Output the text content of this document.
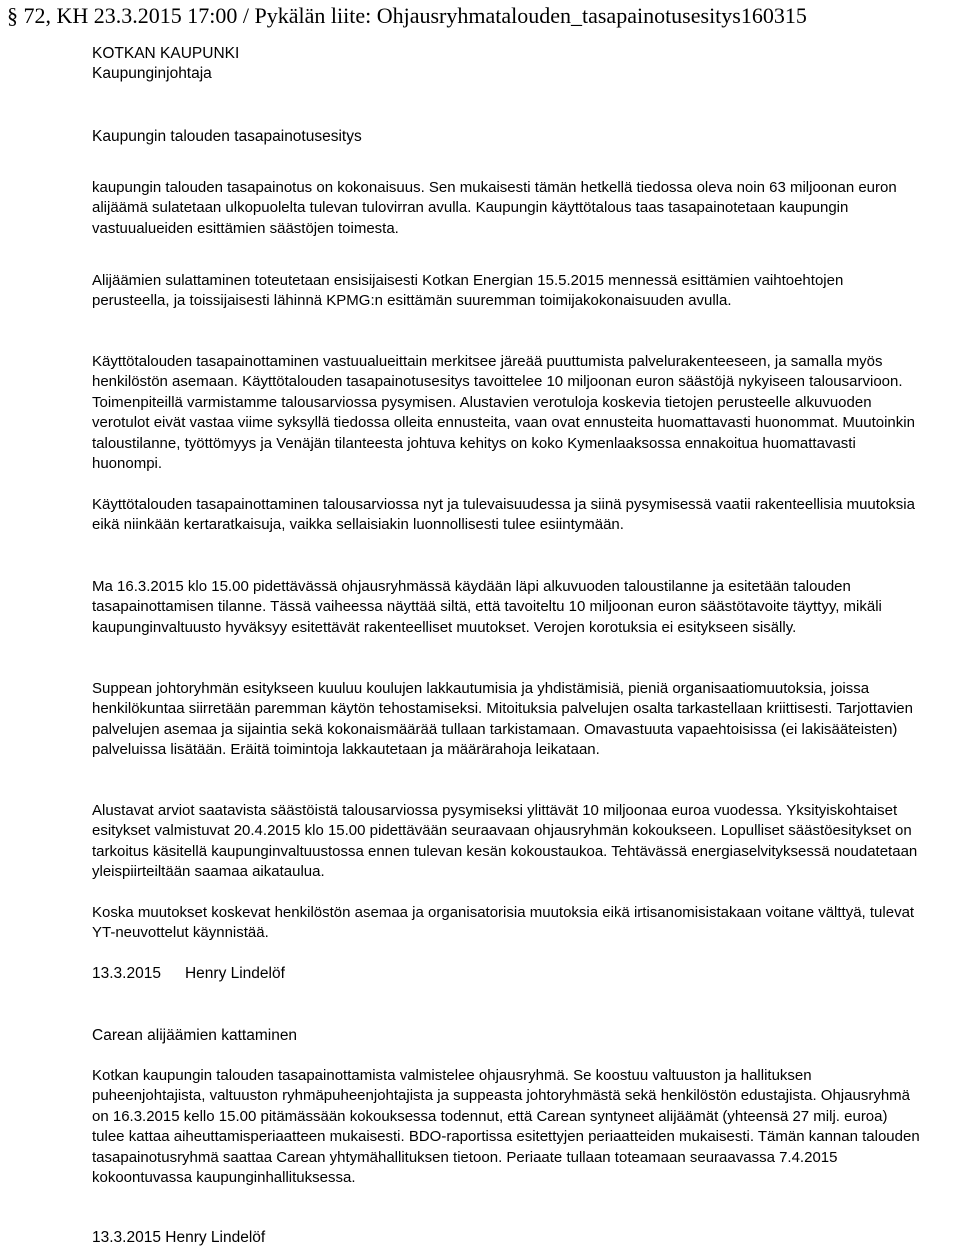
§ 72, KH 23.3.2015 17:00 / Pykälän liite: Ohjausryhmatalouden_tasapainotusesitys160315
KOTKAN KAUPUNKI
Kaupunginjohtaja
Kaupungin talouden tasapainotusesitys

kaupungin talouden tasapainotus on kokonaisuus. Sen mukaisesti tämän hetkellä tiedossa oleva noin 63 miljoonan euron alijäämä sulatetaan ulkopuolelta tulevan tulovirran avulla. Kaupungin käyttötalous taas tasapainotetaan kaupungin vastuualueiden esittämien säästöjen toimesta.

Alijäämien sulattaminen toteutetaan ensisijaisesti Kotkan Energian 15.5.2015 mennessä esittämien vaihtoehtojen perusteella, ja toissijaisesti lähinnä KPMG:n esittämän suuremman toimijakokonaisuuden avulla.

Käyttötalouden tasapainottaminen vastuualueittain merkitsee järeää puuttumista palvelurakenteeseen, ja samalla myös henkilöstön asemaan. Käyttötalouden tasapainotusesitys tavoittelee 10 miljoonan euron säästöjä nykyiseen talousarvioon. Toimenpiteillä varmistamme talousarviossa pysymisen. Alustavien verotuloja koskevia tietojen perusteelle alkuvuoden verotulot eivät vastaa viime syksyllä tiedossa olleita ennusteita, vaan ovat ennusteita huomattavasti huonommat. Muutoinkin taloustilanne, työttömyys ja Venäjän tilanteesta johtuva kehitys on koko Kymenlaaksossa ennakoitua huomattavasti huonompi.

Käyttötalouden tasapainottaminen talousarviossa nyt ja tulevaisuudessa ja siinä pysymisessä vaatii rakenteellisia muutoksia eikä niinkään kertaratkaisuja, vaikka sellaisiakin luonnollisesti tulee esiintymään.

Ma 16.3.2015 klo 15.00 pidettävässä ohjausryhmässä käydään läpi alkuvuoden taloustilanne ja esitetään talouden tasapainottamisen tilanne. Tässä vaiheessa näyttää siltä, että tavoiteltu 10 miljoonan euron säästötavoite täyttyy, mikäli kaupunginvaltuusto hyväksyy esitettävät rakenteelliset muutokset. Verojen korotuksia ei esitykseen sisälly.

Suppean johtoryhmän esitykseen kuuluu koulujen lakkautumisia ja yhdistämisiä, pieniä organisaatiomuutoksia, joissa henkilökuntaa siirretään paremman käytön tehostamiseksi. Mitoituksia palvelujen osalta tarkastellaan kriittisesti. Tarjottavien palvelujen asemaa ja sijaintia sekä kokonaismäärää tullaan tarkistamaan. Omavastuuta vapaehtoisissa (ei lakisääteisten) palveluissa lisätään. Eräitä toimintoja lakkautetaan ja määrärahoja leikataan.

Alustavat arviot saatavista säästöistä talousarviossa pysymiseksi ylittävät 10 miljoonaa euroa vuodessa. Yksityiskohtaiset esitykset valmistuvat 20.4.2015 klo 15.00 pidettävään seuraavaan ohjausryhmän kokoukseen. Lopulliset säästöesitykset on tarkoitus käsitellä kaupunginvaltuustossa ennen tulevan kesän kokoustaukoa. Tehtävässä energiaselvityksessä noudatetaan yleispiirteiltään saamaa aikataulua.

Koska muutokset koskevat henkilöstön asemaa ja organisatorisia muutoksia eikä irtisanomisistakaan voitane välttyä, tulevat YT-neuvottelut käynnistää.

13.3.2015 Henry Lindelöf
Carean alijäämien kattaminen

Kotkan kaupungin talouden tasapainottamista valmistelee ohjausryhmä. Se koostuu valtuuston ja hallituksen puheenjohtajista, valtuuston ryhmäpuheenjohtajista ja suppeasta johtoryhmästä sekä henkilöstön edustajista. Ohjausryhmä on 16.3.2015 kello 15.00 pitämässään kokouksessa todennut, että Carean syntyneet alijäämät (yhteensä 27 milj. euroa) tulee kattaa aiheuttamisperiaatteen mukaisesti. BDO-raportissa esitettyjen periaatteiden mukaisesti. Tämän kannan talouden tasapainotusryhmä saattaa Carean yhtymähallituksen tietoon. Periaate tullaan toteamaan seuraavassa 7.4.2015 kokoontuvassa kaupunginhallituksessa.

13.3.2015 Henry Lindelöf
